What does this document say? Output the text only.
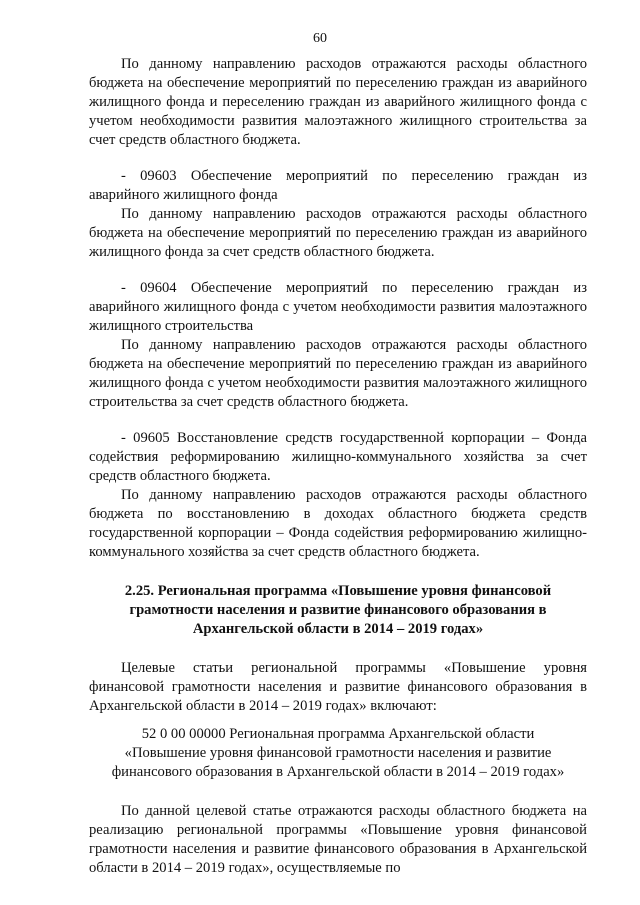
60

По данному направлению расходов отражаются расходы областного бюджета на обеспечение мероприятий по переселению граждан из аварийного жилищного фонда и переселению граждан из аварийного жилищного фонда с учетом необходимости развития малоэтажного жилищного строительства за счет средств областного бюджета.

- 09603 Обеспечение мероприятий по переселению граждан из аварийного жилищного фонда

По данному направлению расходов отражаются расходы областного бюджета на обеспечение мероприятий по переселению граждан из аварийного жилищного фонда за счет средств областного бюджета.

- 09604 Обеспечение мероприятий по переселению граждан из аварийного жилищного фонда с учетом необходимости развития малоэтажного жилищного строительства

По данному направлению расходов отражаются расходы областного бюджета на обеспечение мероприятий по переселению граждан из аварийного жилищного фонда с учетом необходимости развития малоэтажного жилищного строительства за счет средств областного бюджета.

- 09605 Восстановление средств государственной корпорации – Фонда содействия реформированию жилищно-коммунального хозяйства за счет средств областного бюджета.

По данному направлению расходов отражаются расходы областного бюджета по восстановлению в доходах областного бюджета средств государственной корпорации – Фонда содействия реформированию жилищно-коммунального хозяйства за счет средств областного бюджета.

2.25. Региональная программа «Повышение уровня финансовой грамотности населения и развитие финансового образования в Архангельской области в 2014 – 2019 годах»

Целевые статьи региональной программы «Повышение уровня финансовой грамотности населения и развитие финансового образования в Архангельской области в 2014 – 2019 годах» включают:

52 0 00 00000 Региональная программа Архангельской области

«Повышение уровня финансовой грамотности населения и развитие

финансового образования в Архангельской области в 2014 – 2019 годах»

По данной целевой статье отражаются расходы областного бюджета на реализацию региональной программы «Повышение уровня финансовой грамотности населения и развитие финансового образования в Архангельской области в 2014 – 2019 годах», осуществляемые по
